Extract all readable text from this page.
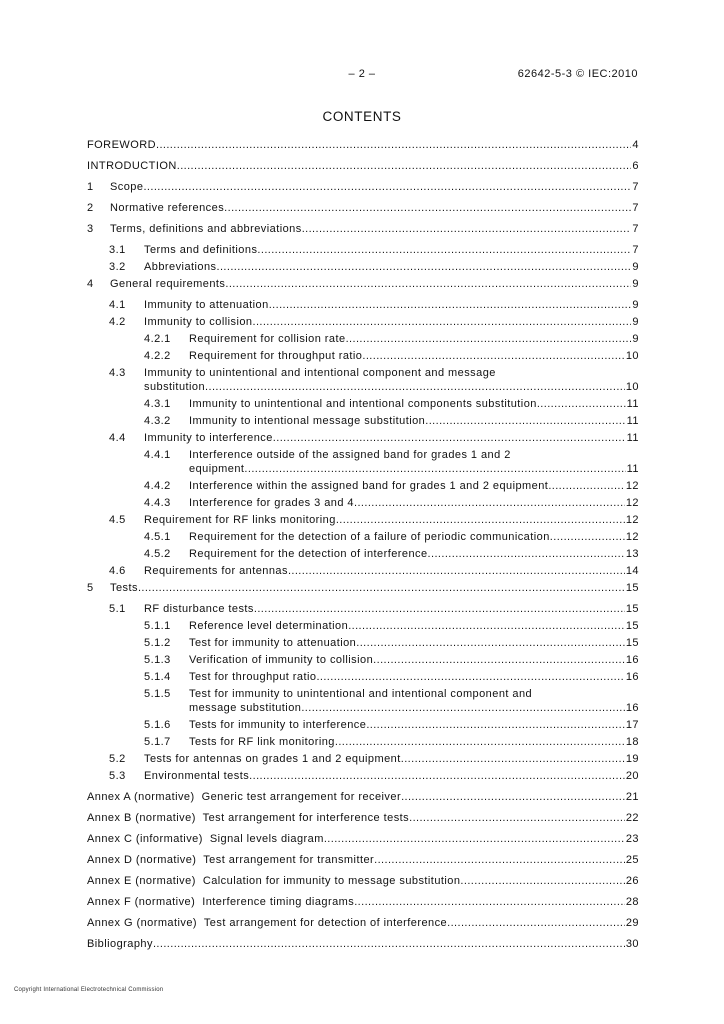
– 2 –	62642-5-3 © IEC:2010
CONTENTS
FOREWORD .....	4
INTRODUCTION .....	6
1	Scope .....	7
2	Normative references .....	7
3	Terms, definitions and abbreviations .....	7
3.1	Terms and definitions .....	7
3.2	Abbreviations .....	9
4	General requirements .....	9
4.1	Immunity to attenuation .....	9
4.2	Immunity to collision .....	9
4.2.1	Requirement for collision rate .....	9
4.2.2	Requirement for throughput ratio .....	10
4.3	Immunity to unintentional and intentional component and message
substitution .....	10
4.3.1	Immunity to unintentional and intentional components substitution .....	11
4.3.2	Immunity to intentional message substitution .....	11
4.4	Immunity to interference .....	11
4.4.1	Interference outside of the assigned band for grades 1 and 2
equipment .....	11
4.4.2	Interference within the assigned band for grades 1 and 2 equipment .....	12
4.4.3	Interference for grades 3 and 4 .....	12
4.5	Requirement for RF links monitoring .....	12
4.5.1	Requirement for the detection of a failure of periodic communication .....	12
4.5.2	Requirement for the detection of interference .....	13
4.6	Requirements for antennas .....	14
5	Tests .....	15
5.1	RF disturbance tests .....	15
5.1.1	Reference level determination .....	15
5.1.2	Test for immunity to attenuation .....	15
5.1.3	Verification of immunity to collision .....	16
5.1.4	Test for throughput ratio .....	16
5.1.5	Test for immunity to unintentional and intentional component and
message substitution .....	16
5.1.6	Tests for immunity to interference .....	17
5.1.7	Tests for RF link monitoring .....	18
5.2	Tests for antennas on grades 1 and 2 equipment .....	19
5.3	Environmental tests .....	20
Annex A (normative)  Generic test arrangement for receiver .....	21
Annex B (normative)  Test arrangement for interference tests .....	22
Annex C (informative)  Signal levels diagram .....	23
Annex D (normative)  Test arrangement for transmitter .....	25
Annex E (normative)  Calculation for immunity to message substitution .....	26
Annex F (normative)  Interference timing diagrams .....	28
Annex G (normative)  Test arrangement for detection of interference .....	29
Bibliography .....	30
Copyright International Electrotechnical Commission
